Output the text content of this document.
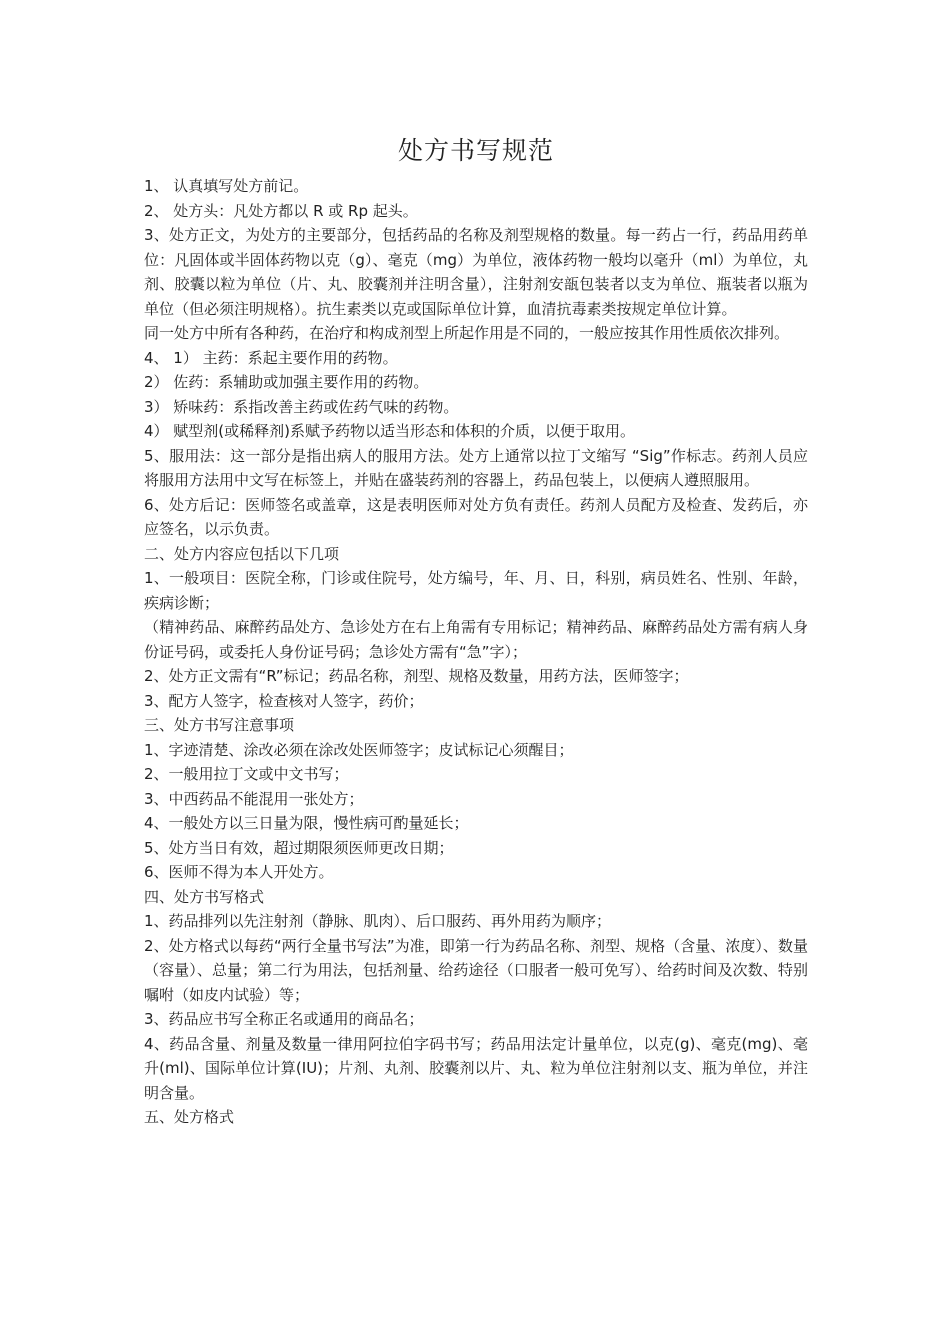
处方书写规范

1、 认真填写处方前记。

2、 处方头：凡处方都以 R 或 Rp 起头。

3、处方正文，为处方的主要部分，包括药品的名称及剂型规格的数量。每一药占一行，药品用药单位：凡固体或半固体药物以克（g）、毫克（mg）为单位，液体药物一般均以毫升（ml）为单位，丸剂、胶囊以粒为单位（片、丸、胶囊剂并注明含量），注射剂安瓿包装者以支为单位、瓶装者以瓶为单位（但必须注明规格）。抗生素类以克或国际单位计算，血清抗毒素类按规定单位计算。

同一处方中所有各种药，在治疗和构成剂型上所起作用是不同的，一般应按其作用性质依次排列。

4、 1） 主药：系起主要作用的药物。

2） 佐药：系辅助或加强主要作用的药物。

3） 矫味药：系指改善主药或佐药气味的药物。

4） 赋型剂(或稀释剂)系赋予药物以适当形态和体积的介质，以便于取用。

5、服用法：这一部分是指出病人的服用方法。处方上通常以拉丁文缩写 “Sig”作标志。药剂人员应将服用方法用中文写在标签上，并贴在盛装药剂的容器上，药品包装上，以便病人遵照服用。

6、处方后记：医师签名或盖章，这是表明医师对处方负有责任。药剂人员配方及检查、发药后，亦应签名，以示负责。

二、处方内容应包括以下几项

1、一般项目：医院全称，门诊或住院号，处方编号，年、月、日，科别，病员姓名、性别、年龄，疾病诊断；

（精神药品、麻醉药品处方、急诊处方在右上角需有专用标记；精神药品、麻醉药品处方需有病人身份证号码，或委托人身份证号码；急诊处方需有“急”字）；

2、处方正文需有“R”标记；药品名称，剂型、规格及数量，用药方法，医师签字；

3、配方人签字，检查核对人签字，药价；

三、处方书写注意事项

1、字迹清楚、涂改必须在涂改处医师签字；皮试标记心须醒目；

2、一般用拉丁文或中文书写；

3、中西药品不能混用一张处方；

4、一般处方以三日量为限，慢性病可酌量延长；

5、处方当日有效，超过期限须医师更改日期；

6、医师不得为本人开处方。

四、处方书写格式

1、药品排列以先注射剂（静脉、肌肉）、后口服药、再外用药为顺序；

2、处方格式以每药“两行全量书写法”为准，即第一行为药品名称、剂型、规格（含量、浓度）、数量（容量）、总量；第二行为用法，包括剂量、给药途径（口服者一般可免写）、给药时间及次数、特别嘱咐（如皮内试验）等；

3、药品应书写全称正名或通用的商品名；

4、药品含量、剂量及数量一律用阿拉伯字码书写；药品用法定计量单位，以克(g)、毫克(mg)、毫升(ml)、国际单位计算(IU)；片剂、丸剂、胶囊剂以片、丸、粒为单位注射剂以支、瓶为单位，并注明含量。

五、处方格式
